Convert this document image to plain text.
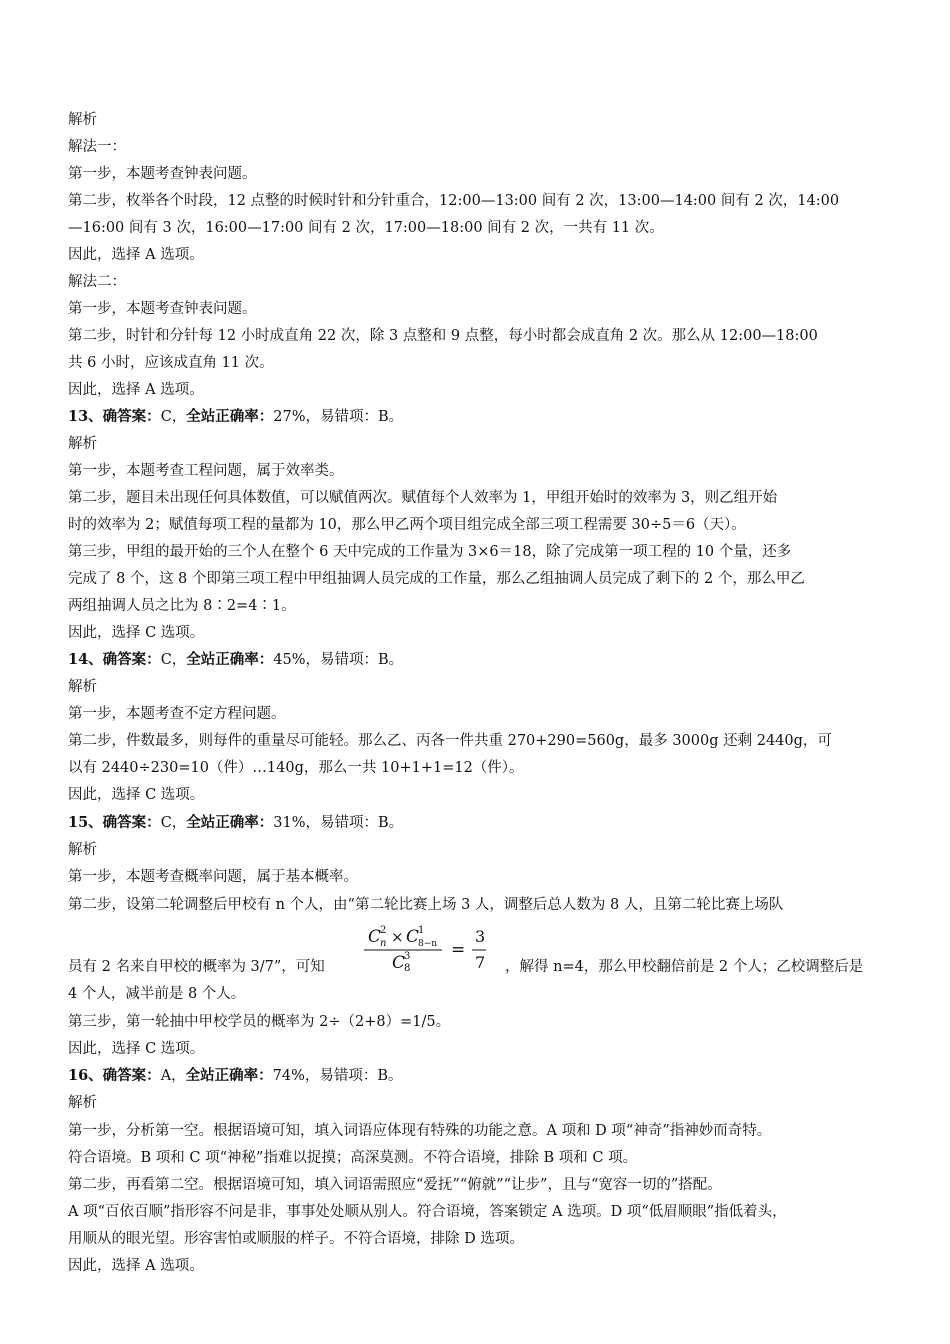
解析
解法一：
第一步，本题考查钟表问题。
第二步，枚举各个时段，12 点整的时候时针和分针重合，12:00—13:00 间有 2 次，13:00—14:00 间有 2 次，14:00
—16:00 间有 3 次，16:00—17:00 间有 2 次，17:00—18:00 间有 2 次，一共有 11 次。
因此，选择 A 选项。
解法二：
第一步，本题考查钟表问题。
第二步，时针和分针每 12 小时成直角 22 次，除 3 点整和 9 点整，每小时都会成直角 2 次。那么从 12:00—18:00
共 6 小时，应该成直角 11 次。
因此，选择 A 选项。
13、确答案：C，全站正确率：27%，易错项：B。
解析
第一步，本题考查工程问题，属于效率类。
第二步，题目未出现任何具体数值，可以赋值两次。赋值每个人效率为 1，甲组开始时的效率为 3，则乙组开始
时的效率为 2；赋值每项工程的量都为 10，那么甲乙两个项目组完成全部三项工程需要 30÷5＝6（天）。
第三步，甲组的最开始的三个人在整个 6 天中完成的工作量为 3×6＝18，除了完成第一项工程的 10 个量，还多
完成了 8 个，这 8 个即第三项工程中甲组抽调人员完成的工作量，那么乙组抽调人员完成了剩下的 2 个，那么甲乙
两组抽调人员之比为 8∶2=4∶1。
因此，选择 C 选项。
14、确答案：C，全站正确率：45%，易错项：B。
解析
第一步，本题考查不定方程问题。
第二步，件数最多，则每件的重量尽可能轻。那么乙、丙各一件共重 270+290=560g，最多 3000g 还剩 2440g，可
以有 2440÷230=10（件）…140g，那么一共 10+1+1=12（件）。
因此，选择 C 选项。
15、确答案：C，全站正确率：31%，易错项：B。
解析
第一步，本题考查概率问题，属于基本概率。
第二步，设第二轮调整后甲校有 n 个人，由“第二轮比赛上场 3 人，调整后总人数为 8 人，且第二轮比赛上场队
员有 2 名来自甲校的概率为 3/7”，可知
C
2
n × C
1
8−n
C
3
8
=
3
7 ，解得 n=4，那么甲校翻倍前是 2 个人；乙校调整后是
4 个人，减半前是 8 个人。
第三步，第一轮抽中甲校学员的概率为 2÷（2+8）=1/5。
因此，选择 C 选项。
16、确答案：A，全站正确率：74%，易错项：B。
解析
第一步，分析第一空。根据语境可知，填入词语应体现有特殊的功能之意。A 项和 D 项“神奇”指神妙而奇特。
符合语境。B 项和 C 项“神秘”指难以捉摸；高深莫测。不符合语境，排除 B 项和 C 项。
第二步，再看第二空。根据语境可知，填入词语需照应“爱抚”“俯就”“让步”，且与“宽容一切的”搭配。
A 项“百依百顺”指形容不问是非，事事处处顺从别人。符合语境，答案锁定 A 选项。D 项“低眉顺眼”指低着头，
用顺从的眼光望。形容害怕或顺服的样子。不符合语境，排除 D 选项。
因此，选择 A 选项。
